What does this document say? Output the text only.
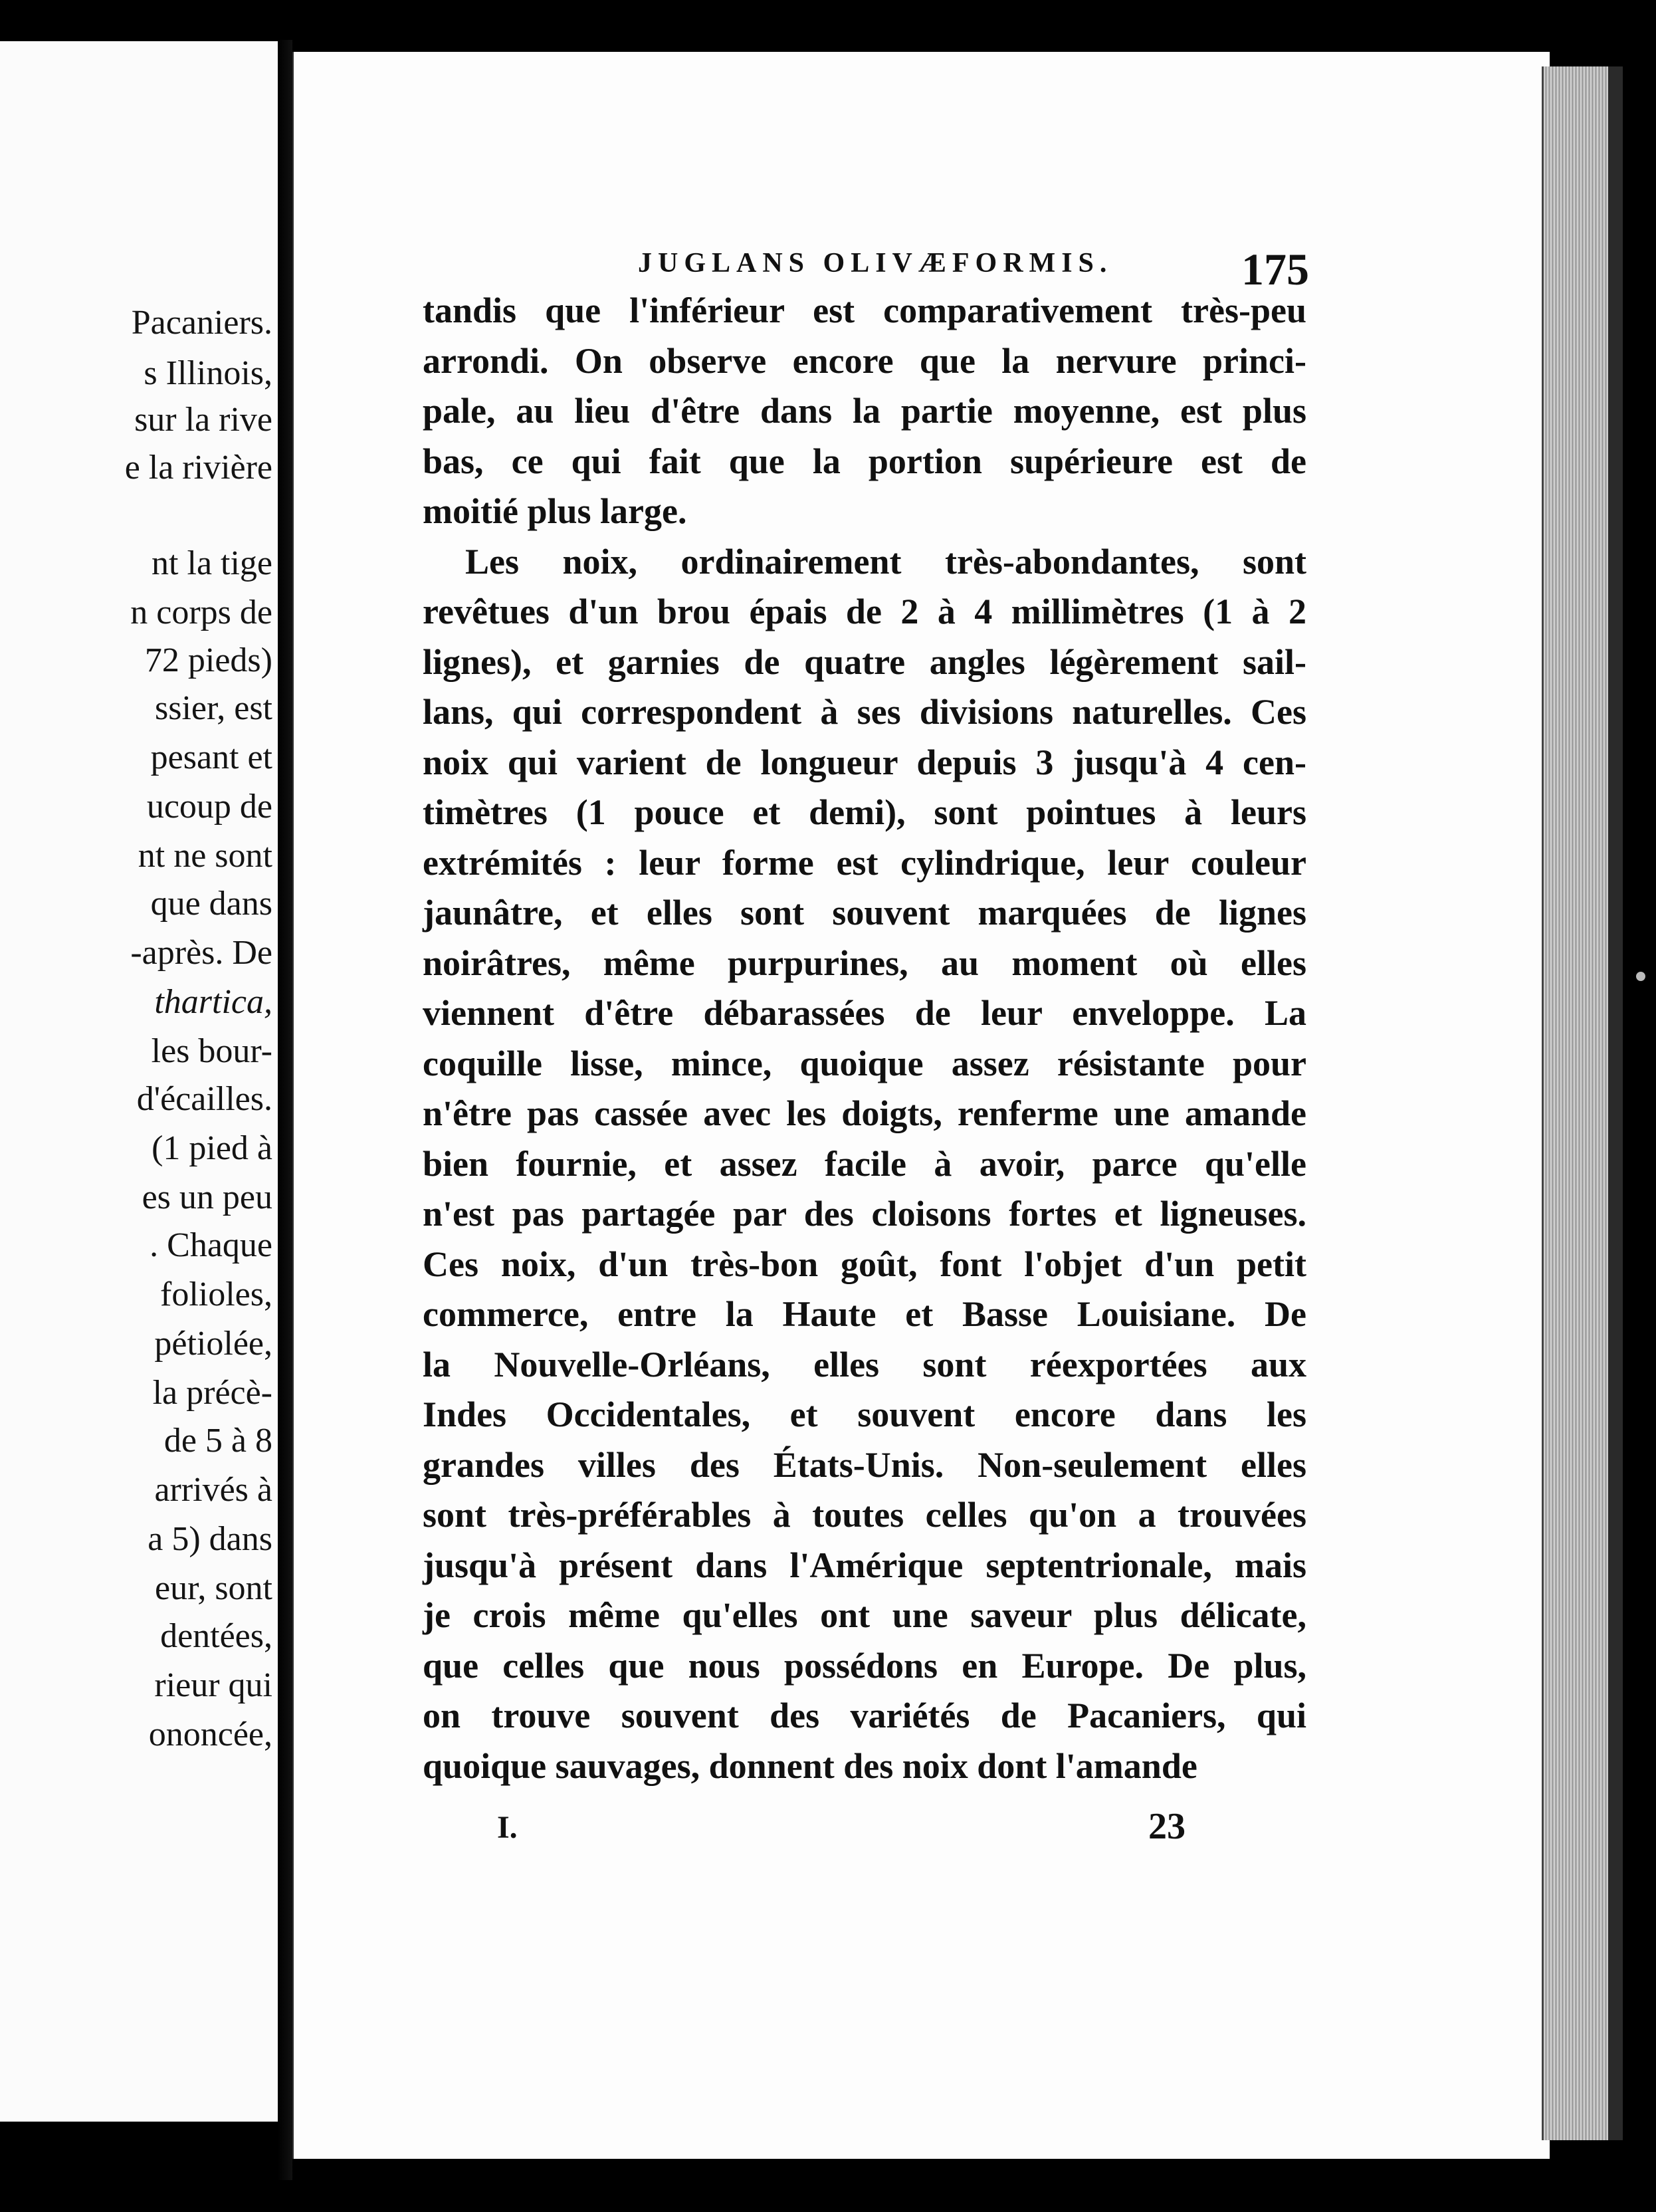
Pacaniers.
s Illinois,
sur la rive
e la rivière
nt la tige
n corps de
72 pieds)
ssier, est
pesant et
ucoup de
nt ne sont
que dans
-après. De
thartica,
les bour-
d'écailles.
(1 pied à
es un peu
. Chaque
folioles,
pétiolée,
la précè-
de 5 à 8
arrivés à
a 5) dans
eur, sont
dentées,
rieur qui
ononcée,
JUGLANS OLIVÆFORMIS.	175
tandis que l'inférieur est comparativement très-peu
arrondi. On observe encore que la nervure princi-
pale, au lieu d'être dans la partie moyenne, est plus
bas, ce qui fait que la portion supérieure est de
moitié plus large.
Les noix, ordinairement très-abondantes, sont
revêtues d'un brou épais de 2 à 4 millimètres (1 à 2
lignes), et garnies de quatre angles légèrement sail-
lans, qui correspondent à ses divisions naturelles. Ces
noix qui varient de longueur depuis 3 jusqu'à 4 cen-
timètres (1 pouce et demi), sont pointues à leurs
extrémités : leur forme est cylindrique, leur couleur
jaunâtre, et elles sont souvent marquées de lignes
noirâtres, même purpurines, au moment où elles
viennent d'être débarassées de leur enveloppe. La
coquille lisse, mince, quoique assez résistante pour
n'être pas cassée avec les doigts, renferme une amande
bien fournie, et assez facile à avoir, parce qu'elle
n'est pas partagée par des cloisons fortes et ligneuses.
Ces noix, d'un très-bon goût, font l'objet d'un petit
commerce, entre la Haute et Basse Louisiane. De
la Nouvelle-Orléans, elles sont réexportées aux
Indes Occidentales, et souvent encore dans les
grandes villes des États-Unis. Non-seulement elles
sont très-préférables à toutes celles qu'on a trouvées
jusqu'à présent dans l'Amérique septentrionale, mais
je crois même qu'elles ont une saveur plus délicate,
que celles que nous possédons en Europe. De plus,
on trouve souvent des variétés de Pacaniers, qui
quoique sauvages, donnent des noix dont l'amande
I.	23
